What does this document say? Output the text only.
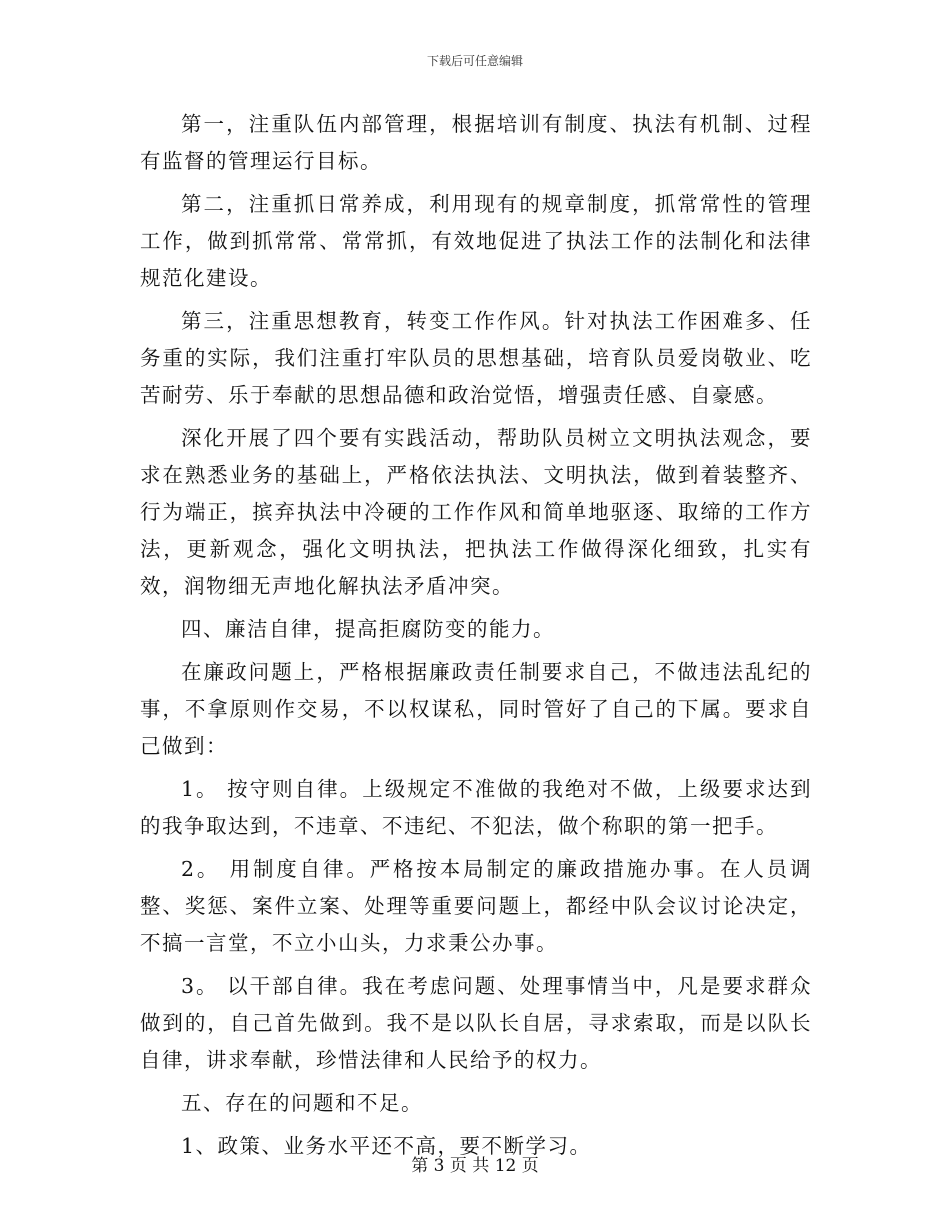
下载后可任意编辑

第一，注重队伍内部管理，根据培训有制度、执法有机制、过程有监督的管理运行目标。

第二，注重抓日常养成，利用现有的规章制度，抓常常性的管理工作，做到抓常常、常常抓，有效地促进了执法工作的法制化和法律规范化建设。

第三，注重思想教育，转变工作作风。针对执法工作困难多、任务重的实际，我们注重打牢队员的思想基础，培育队员爱岗敬业、吃苦耐劳、乐于奉献的思想品德和政治觉悟，增强责任感、自豪感。

深化开展了四个要有实践活动，帮助队员树立文明执法观念，要求在熟悉业务的基础上，严格依法执法、文明执法，做到着装整齐、行为端正，摈弃执法中冷硬的工作作风和简单地驱逐、取缔的工作方法，更新观念，强化文明执法，把执法工作做得深化细致，扎实有效，润物细无声地化解执法矛盾冲突。

四、廉洁自律，提高拒腐防变的能力。

在廉政问题上，严格根据廉政责任制要求自己，不做违法乱纪的事，不拿原则作交易，不以权谋私，同时管好了自己的下属。要求自己做到：

1。 按守则自律。上级规定不准做的我绝对不做，上级要求达到的我争取达到，不违章、不违纪、不犯法，做个称职的第一把手。

2。 用制度自律。严格按本局制定的廉政措施办事。在人员调整、奖惩、案件立案、处理等重要问题上，都经中队会议讨论决定，不搞一言堂，不立小山头，力求秉公办事。

3。 以干部自律。我在考虑问题、处理事情当中，凡是要求群众做到的，自己首先做到。我不是以队长自居，寻求索取，而是以队长自律，讲求奉献，珍惜法律和人民给予的权力。

五、存在的问题和不足。

1、政策、业务水平还不高，要不断学习。

第 3 页 共 12 页
